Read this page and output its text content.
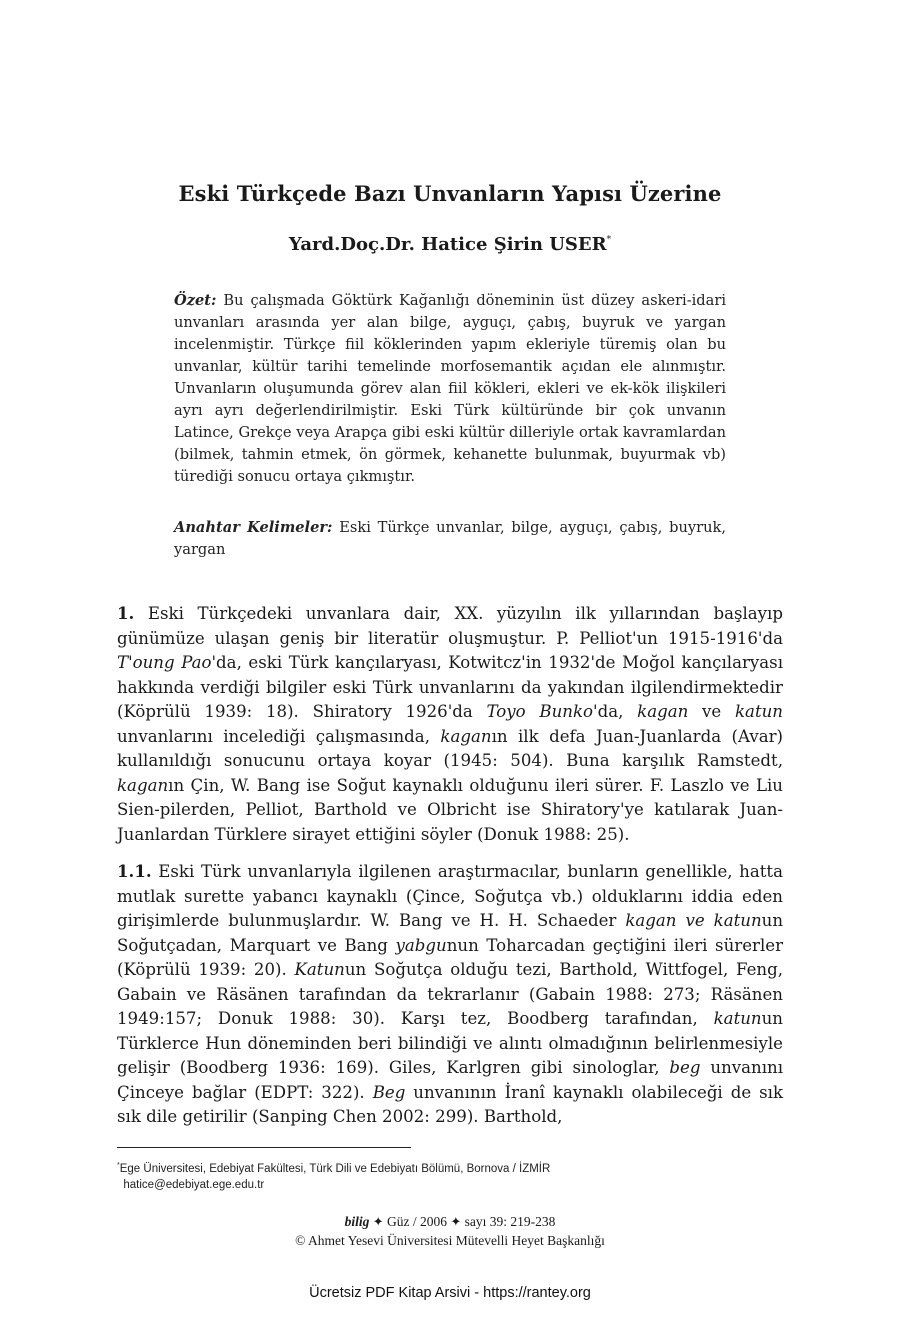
Eski Türkçede Bazı Unvanların Yapısı Üzerine

Yard.Doç.Dr. Hatice Şirin USER*

Özet: Bu çalışmada Göktürk Kağanlığı döneminin üst düzey askeri-idari unvanları arasında yer alan bilge, ayguçı, çabış, buyruk ve yargan incelenmiştir. Türkçe fiil köklerinden yapım ekleriyle türemiş olan bu unvanlar, kültür tarihi temelinde morfosemantik açıdan ele alınmıştır. Unvanların oluşumunda görev alan fiil kökleri, ekleri ve ek-kök ilişkileri ayrı ayrı değerlendirilmiştir. Eski Türk kültüründe bir çok unvanın Latince, Grekçe veya Arapça gibi eski kültür dilleriyle ortak kavramlardan (bilmek, tahmin etmek, ön görmek, kehanette bulunmak, buyurmak vb) türediği sonucu ortaya çıkmıştır.

Anahtar Kelimeler: Eski Türkçe unvanlar, bilge, ayguçı, çabış, buyruk, yargan

1. Eski Türkçedeki unvanlara dair, XX. yüzyılın ilk yıllarından başlayıp günümüze ulaşan geniş bir literatür oluşmuştur. P. Pelliot'un 1915-1916'da T'oung Pao'da, eski Türk kançılaryası, Kotwitcz'in 1932'de Moğol kançılaryası hakkında verdiği bilgiler eski Türk unvanlarını da yakından ilgilendirmektedir (Köprülü 1939: 18). Shiratory 1926'da Toyo Bunko'da, kagan ve katun unvanlarını incelediği çalışmasında, kaganın ilk defa Juan-Juanlarda (Avar) kullanıldığı sonucunu ortaya koyar (1945: 504). Buna karşılık Ramstedt, kaganın Çin, W. Bang ise Soğut kaynaklı olduğunu ileri sürer. F. Laszlo ve Liu Sien-pilerden, Pelliot, Barthold ve Olbricht ise Shiratory'ye katılarak Juan-Juanlardan Türklere sirayet ettiğini söyler (Donuk 1988: 25).

1.1. Eski Türk unvanlarıyla ilgilenen araştırmacılar, bunların genellikle, hatta mutlak surette yabancı kaynaklı (Çince, Soğutça vb.) olduklarını iddia eden girişimlerde bulunmuşlardır. W. Bang ve H. H. Schaeder kagan ve katunun Soğutçadan, Marquart ve Bang yabgunun Toharcadan geçtiğini ileri sürerler (Köprülü 1939: 20). Katunun Soğutça olduğu tezi, Barthold, Wittfogel, Feng, Gabain ve Räsänen tarafından da tekrarlanır (Gabain 1988: 273; Räsänen 1949:157; Donuk 1988: 30). Karşı tez, Boodberg tarafından, katunun Türklerce Hun döneminden beri bilindiği ve alıntı olmadığının belirlenmesiyle gelişir (Boodberg 1936: 169). Giles, Karlgren gibi sinologlar, beg unvanını Çinceye bağlar (EDPT: 322). Beg unvanının İranî kaynaklı olabileceği de sık sık dile getirilir (Sanping Chen 2002: 299). Barthold,

*Ege Üniversitesi, Edebiyat Fakültesi, Türk Dili ve Edebiyatı Bölümü, Bornova / İZMİR
hatice@edebiyat.ege.edu.tr

bilig ✦ Güz / 2006 ✦ sayı 39: 219-238
© Ahmet Yesevi Üniversitesi Mütevelli Heyet Başkanlığı

Ücretsiz PDF Kitap Arsivi - https://rantey.org
